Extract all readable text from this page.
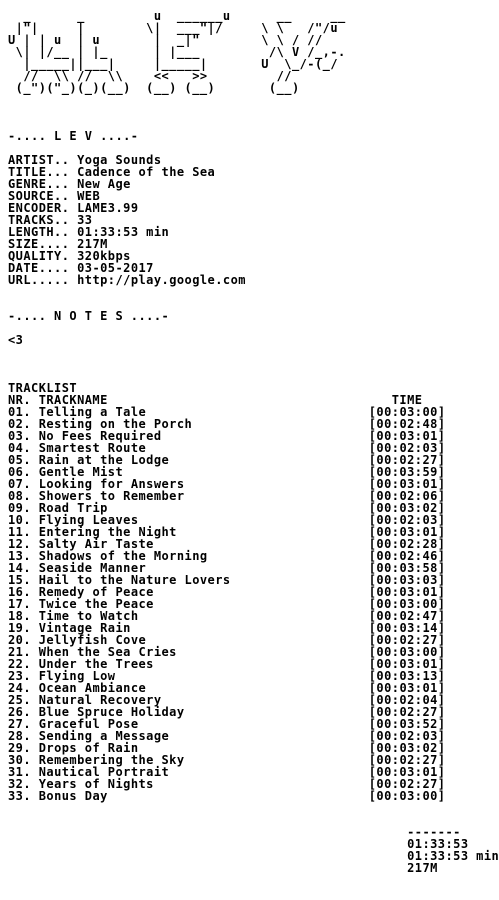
_      _         u  ______u      __     __
|"|     |        \|  ___"|/     \ \   /"/u
U | | u  | u       |  _|"        \ \ / //
\| |/__ | |_      | |___         /\ V /_,-.
|_____||___|     |_____|       U  \_/-(_/
//  \\ //  \\    <<   >>         //
(_")("_)(_)(__)  (__) (__)       (__)
-.... L E V ....-
ARTIST.. Yoga Sounds
TITLE... Cadence of the Sea
GENRE... New Age
SOURCE.. WEB
ENCODER. LAME3.99
TRACKS.. 33
LENGTH.. 01:33:53 min
SIZE.... 217M
QUALITY. 320kbps
DATE.... 03-05-2017
URL..... http://play.google.com
-.... N O T E S ....-
<3
TRACKLIST
NR. TRACKNAME	TIME
01. Telling a Tale	[00:03:00]
02. Resting on the Porch	[00:02:48]
03. No Fees Required	[00:03:01]
04. Smartest Route	[00:02:03]
05. Rain at the Lodge	[00:02:27]
06. Gentle Mist	[00:03:59]
07. Looking for Answers	[00:03:01]
08. Showers to Remember	[00:02:06]
09. Road Trip	[00:03:02]
10. Flying Leaves	[00:02:03]
11. Entering the Night	[00:03:01]
12. Salty Air Taste	[00:02:28]
13. Shadows of the Morning	[00:02:46]
14. Seaside Manner	[00:03:58]
15. Hail to the Nature Lovers	[00:03:03]
16. Remedy of Peace	[00:03:01]
17. Twice the Peace	[00:03:00]
18. Time to Watch	[00:02:47]
19. Vintage Rain	[00:03:14]
20. Jellyfish Cove	[00:02:27]
21. When the Sea Cries	[00:03:00]
22. Under the Trees	[00:03:01]
23. Flying Low	[00:03:13]
24. Ocean Ambiance	[00:03:01]
25. Natural Recovery	[00:02:04]
26. Blue Spruce Holiday	[00:02:27]
27. Graceful Pose	[00:03:52]
28. Sending a Message	[00:02:03]
29. Drops of Rain	[00:03:02]
30. Remembering the Sky	[00:02:27]
31. Nautical Portrait	[00:03:01]
32. Years of Nights	[00:02:27]
33. Bonus Day	[00:03:00]
-------
01:33:53
01:33:53 min
217M
